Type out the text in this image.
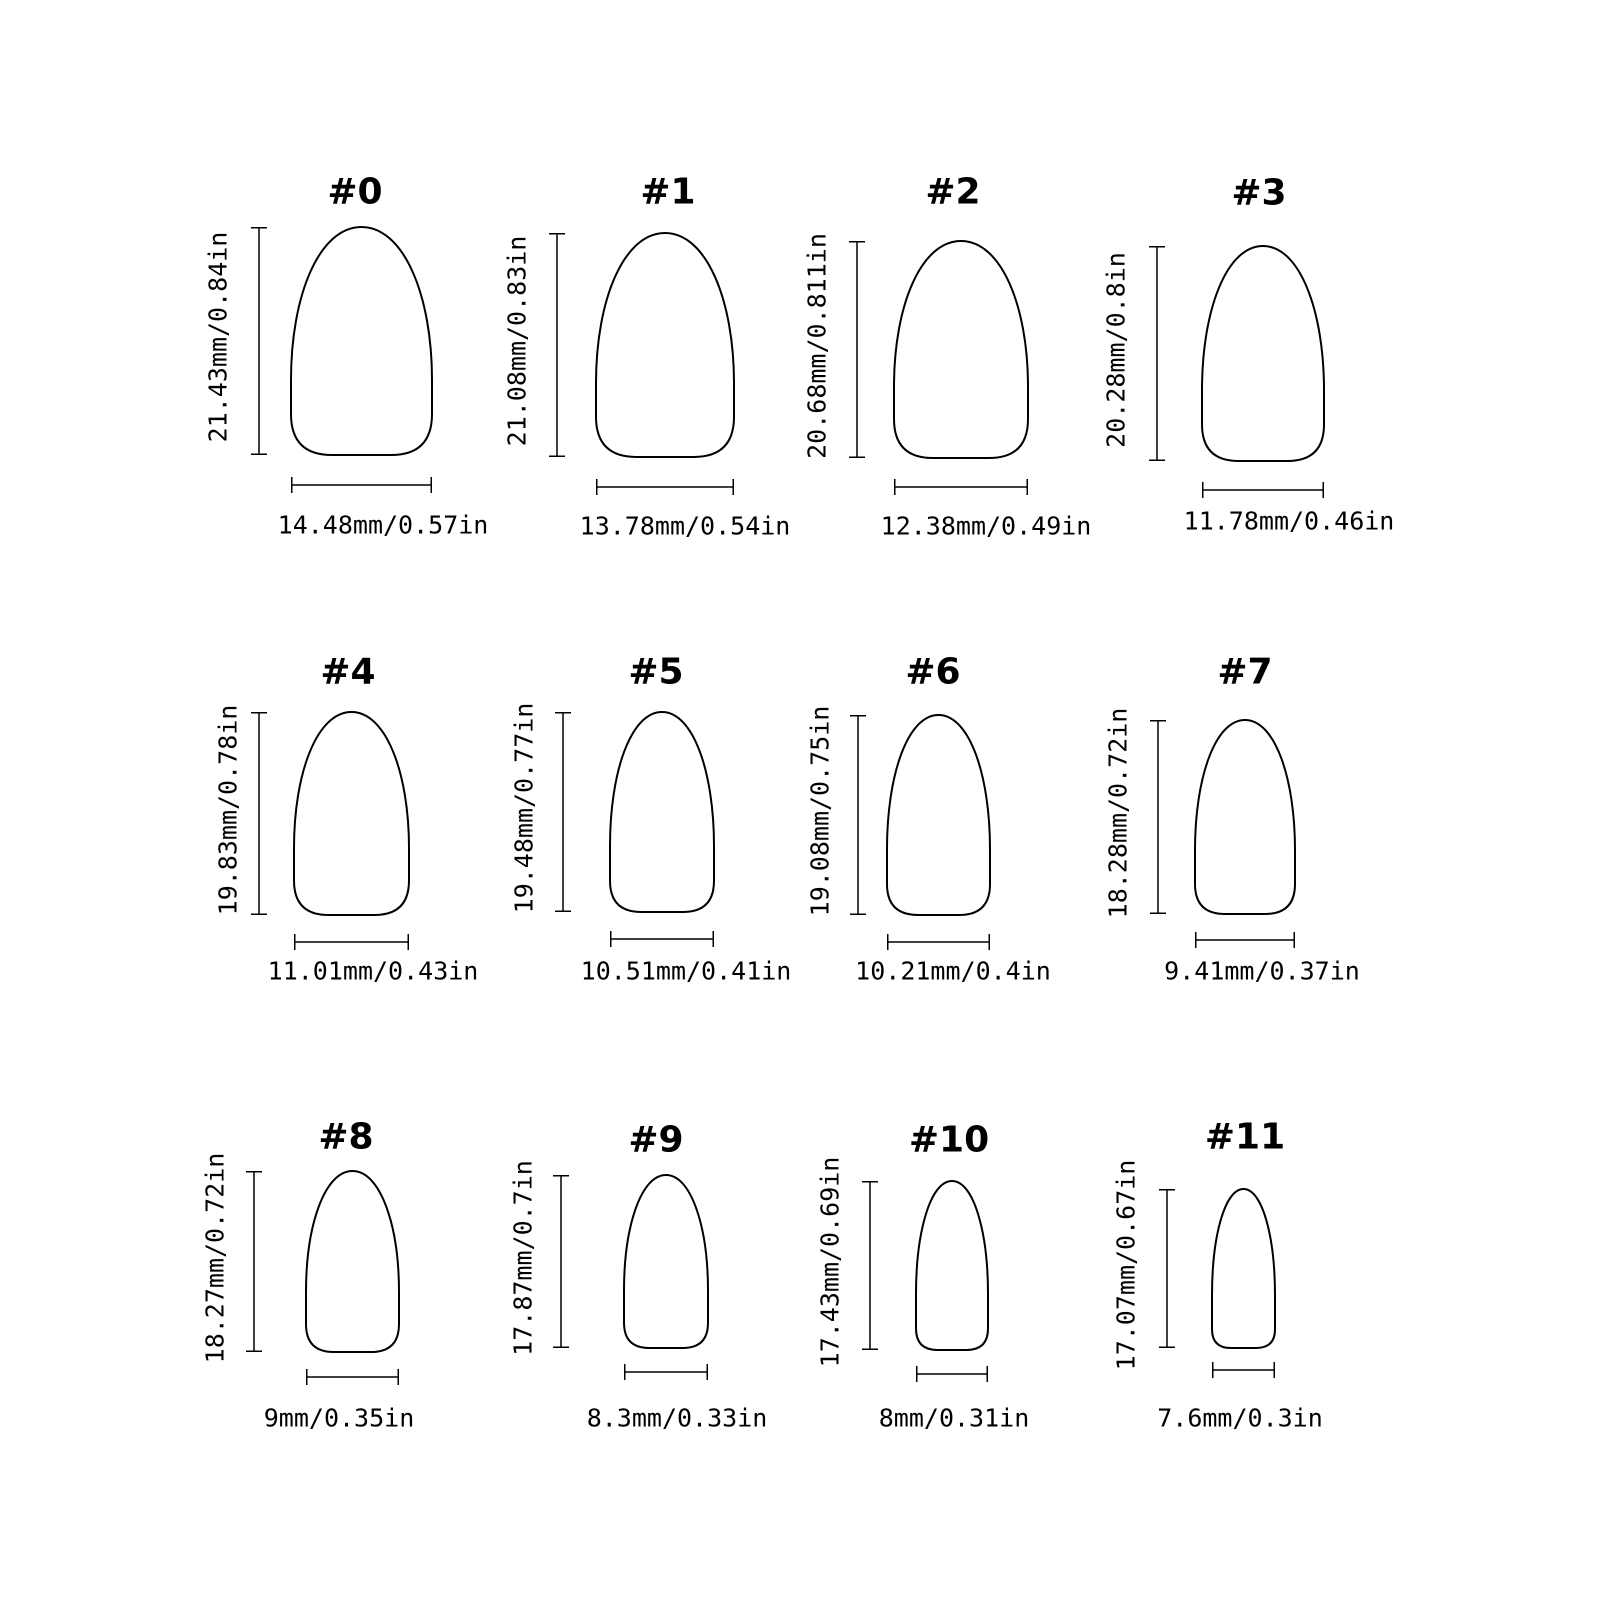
#0
21.43mm/0.84in
14.48mm/0.57in
#1
21.08mm/0.83in
13.78mm/0.54in
#2
20.68mm/0.811in
12.38mm/0.49in
#3
20.28mm/0.8in
11.78mm/0.46in
#4
19.83mm/0.78in
11.01mm/0.43in
#5
19.48mm/0.77in
10.51mm/0.41in
#6
19.08mm/0.75in
10.21mm/0.4in
#7
18.28mm/0.72in
9.41mm/0.37in
#8
18.27mm/0.72in
9mm/0.35in
#9
17.87mm/0.7in
8.3mm/0.33in
#10
17.43mm/0.69in
8mm/0.31in
#11
17.07mm/0.67in
7.6mm/0.3in
